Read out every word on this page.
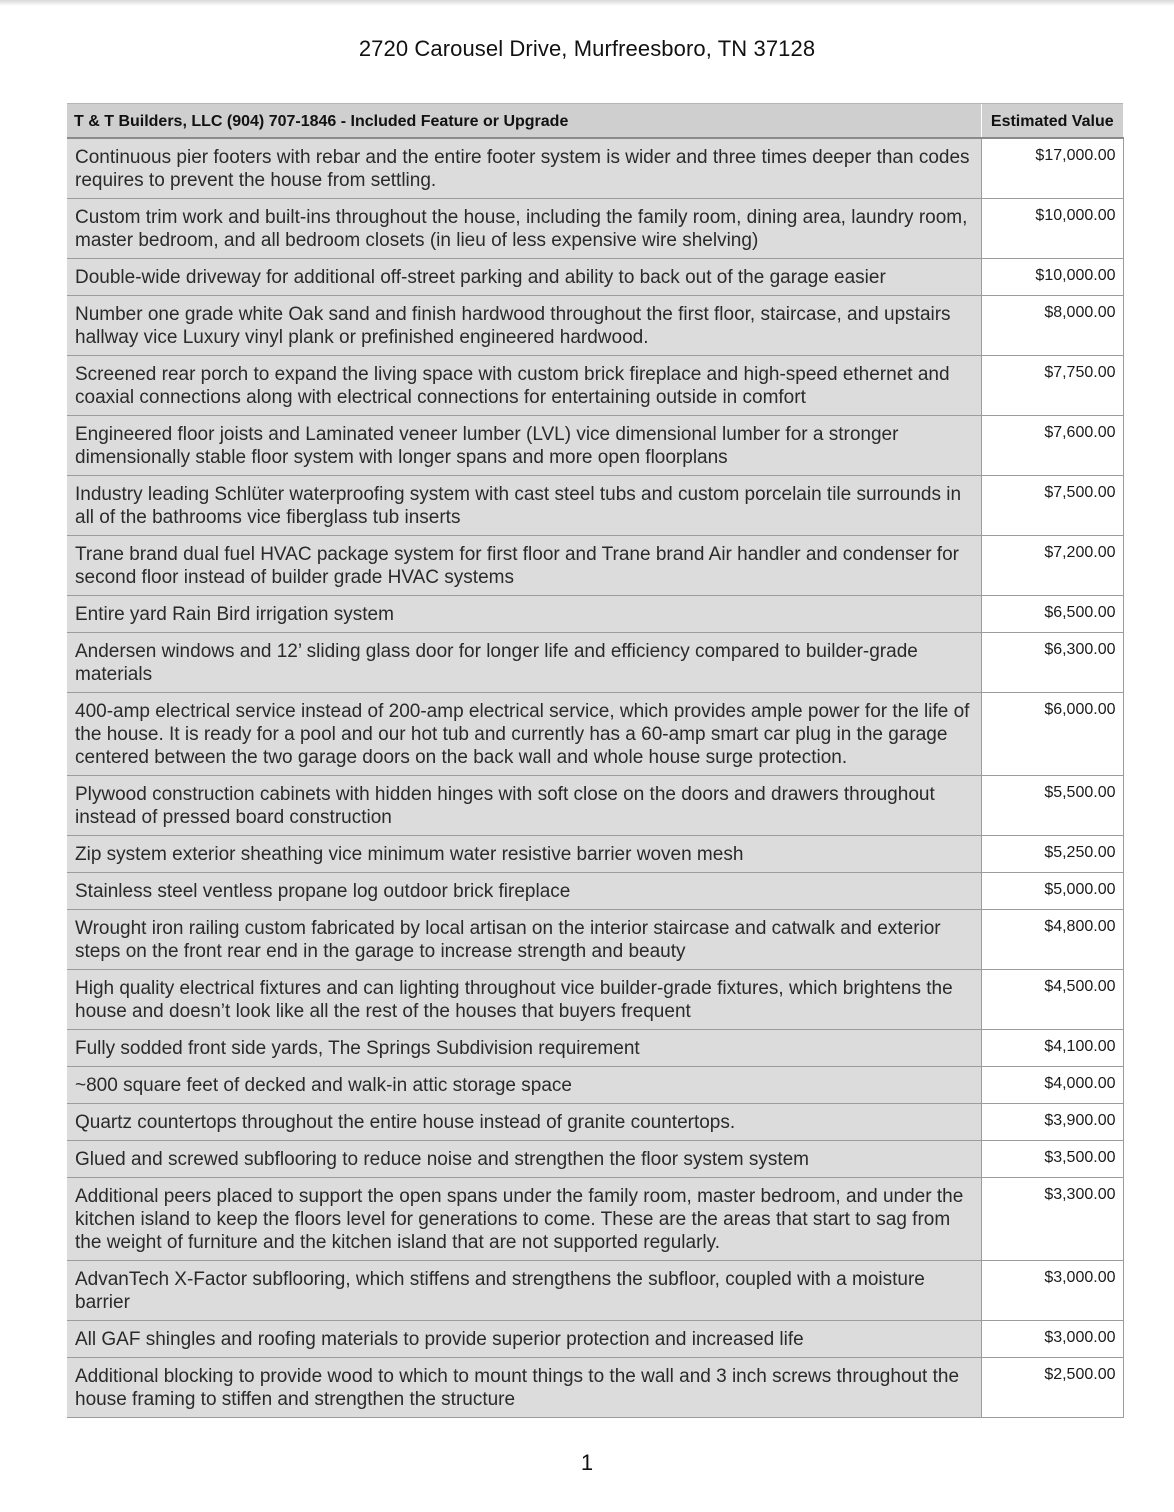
2720 Carousel Drive, Murfreesboro, TN 37128
T & T Builders, LLC (904) 707-1846 - Included Feature or Upgrade	Estimated Value
Continuous pier footers with rebar and the entire footer system is wider and three times deeper than codes requires to prevent the house from settling.	$17,000.00
Custom trim work and built-ins throughout the house, including the family room, dining area, laundry room, master bedroom, and all bedroom closets (in lieu of less expensive wire shelving)	$10,000.00
Double-wide driveway for additional off-street parking and ability to back out of the garage easier	$10,000.00
Number one grade white Oak sand and finish hardwood throughout the first floor, staircase, and upstairs hallway vice Luxury vinyl plank or prefinished engineered hardwood.	$8,000.00
Screened rear porch to expand the living space with custom brick fireplace and high-speed ethernet and coaxial connections along with electrical connections for entertaining outside in comfort	$7,750.00
Engineered floor joists and Laminated veneer lumber (LVL) vice dimensional lumber for a stronger dimensionally stable floor system with longer spans and more open floorplans	$7,600.00
Industry leading Schlüter waterproofing system with cast steel tubs and custom porcelain tile surrounds in all of the bathrooms vice fiberglass tub inserts	$7,500.00
Trane brand dual fuel HVAC package system for first floor and Trane brand Air handler and condenser for second floor instead of builder grade HVAC systems	$7,200.00
Entire yard Rain Bird irrigation system	$6,500.00
Andersen windows and 12’ sliding glass door for longer life and efficiency compared to builder-grade materials	$6,300.00
400-amp electrical service instead of 200-amp electrical service, which provides ample power for the life of the house. It is ready for a pool and our hot tub and currently has a 60-amp smart car plug in the garage centered between the two garage doors on the back wall and whole house surge protection.	$6,000.00
Plywood construction cabinets with hidden hinges with soft close on the doors and drawers throughout instead of pressed board construction	$5,500.00
Zip system exterior sheathing vice minimum water resistive barrier woven mesh	$5,250.00
Stainless steel ventless propane log outdoor brick fireplace	$5,000.00
Wrought iron railing custom fabricated by local artisan on the interior staircase and catwalk and exterior steps on the front rear end in the garage to increase strength and beauty	$4,800.00
High quality electrical fixtures and can lighting throughout vice builder-grade fixtures, which brightens the house and doesn’t look like all the rest of the houses that buyers frequent	$4,500.00
Fully sodded front side yards, The Springs Subdivision requirement	$4,100.00
~800 square feet of decked and walk-in attic storage space	$4,000.00
Quartz countertops throughout the entire house instead of granite countertops.	$3,900.00
Glued and screwed subflooring to reduce noise and strengthen the floor system system	$3,500.00
Additional peers placed to support the open spans under the family room, master bedroom, and under the kitchen island to keep the floors level for generations to come. These are the areas that start to sag from the weight of furniture and the kitchen island that are not supported regularly.	$3,300.00
AdvanTech X-Factor subflooring, which stiffens and strengthens the subfloor, coupled with a moisture barrier	$3,000.00
All GAF shingles and roofing materials to provide superior protection and increased life	$3,000.00
Additional blocking to provide wood to which to mount things to the wall and 3 inch screws throughout the house framing to stiffen and strengthen the structure	$2,500.00
1
